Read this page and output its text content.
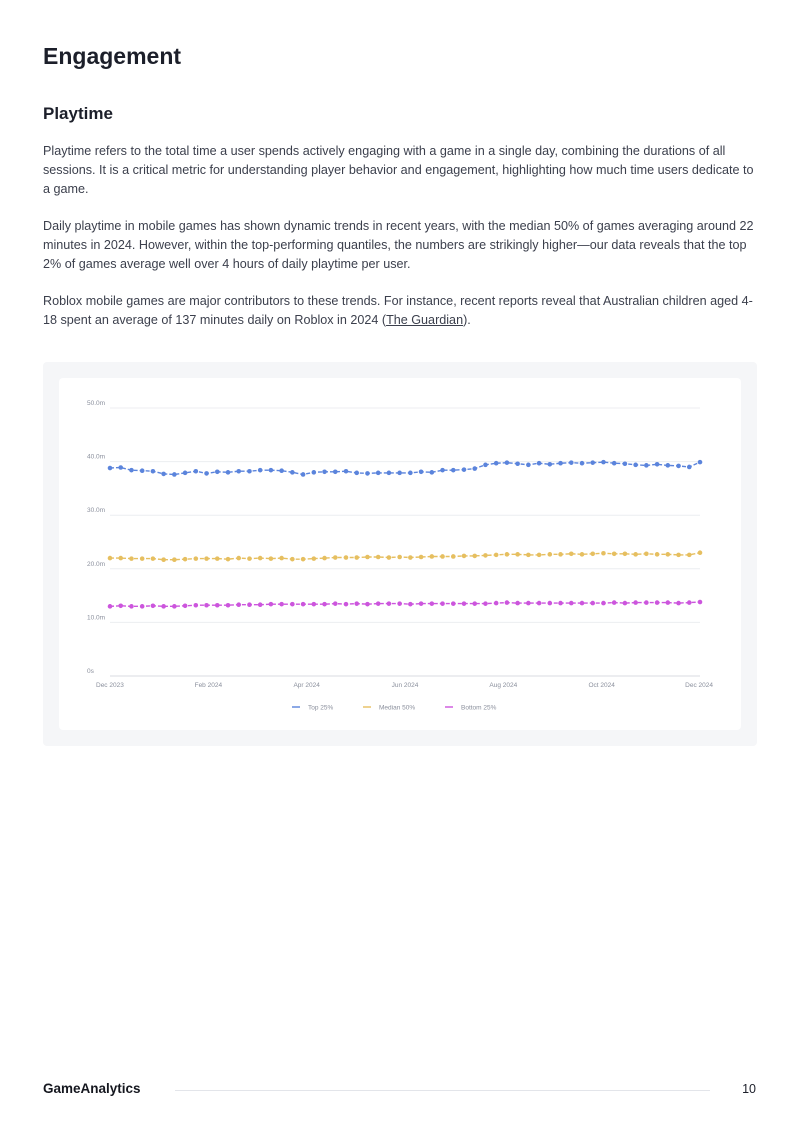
Engagement
Playtime

Playtime refers to the total time a user spends actively engaging with a game in a single day, combining the durations of all sessions. It is a critical metric for understanding player behavior and engagement, highlighting how much time users dedicate to a game.

Daily playtime in mobile games has shown dynamic trends in recent years, with the median 50% of games averaging around 22 minutes in 2024. However, within the top-performing quantiles, the numbers are strikingly higher—our data reveals that the top 2% of games average well over 4 hours of daily playtime per user.

Roblox mobile games are major contributors to these trends. For instance, recent reports reveal that Australian children aged 4-18 spent an average of 137 minutes daily on Roblox in 2024 (The Guardian).

0s
10.0m
20.0m
30.0m
40.0m
50.0m
Dec 2023	Feb 2024	Apr 2024	Jun 2024	Aug 2024	Oct 2024	Dec 2024
Top 25%	Median 50%	Bottom 25%
GameAnalytics	10
